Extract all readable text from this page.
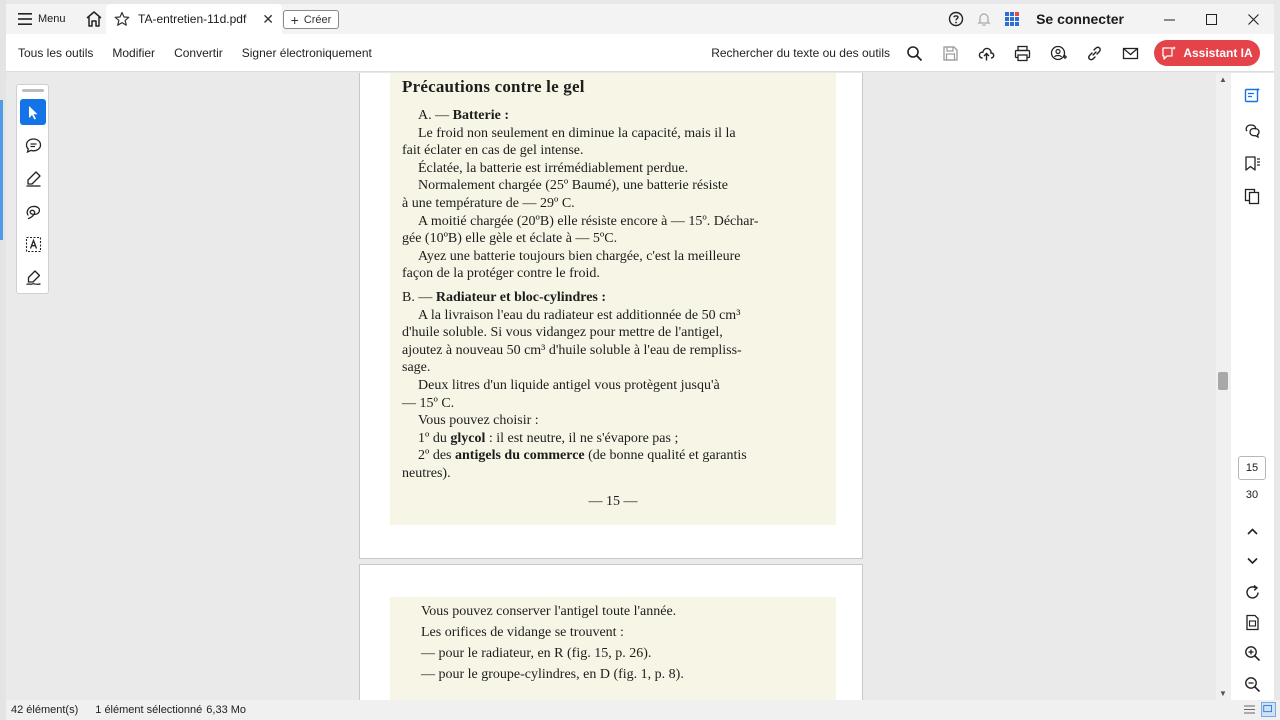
Menu	TA-entretien-11d.pdf	✕ + Créer	Se connecter
Tous les outils Modifier Convertir Signer électroniquement	Rechercher du texte ou des outils	Assistant IA
Précautions contre le gel
A. — Batterie :
Le froid non seulement en diminue la capacité, mais il la
fait éclater en cas de gel intense.
Éclatée, la batterie est irrémédiablement perdue.
Normalement chargée (25º Baumé), une batterie résiste
à une température de — 29º C.
A moitié chargée (20ºB) elle résiste encore à — 15º. Déchar-
gée (10ºB) elle gèle et éclate à — 5ºC.
Ayez une batterie toujours bien chargée, c'est la meilleure
façon de la protéger contre le froid.
B. — Radiateur et bloc-cylindres :
A la livraison l'eau du radiateur est additionnée de 50 cm³
d'huile soluble. Si vous vidangez pour mettre de l'antigel,
ajoutez à nouveau 50 cm³ d'huile soluble à l'eau de rempliss-
sage.
Deux litres d'un liquide antigel vous protègent jusqu'à
— 15º C.
Vous pouvez choisir :
1º du glycol : il est neutre, il ne s'évapore pas ;
2º des antigels du commerce (de bonne qualité et garantis
neutres).
— 15 —
Vous pouvez conserver l'antigel toute l'année.
Les orifices de vidange se trouvent :
— pour le radiateur, en R (fig. 15, p. 26).
— pour le groupe-cylindres, en D (fig. 1, p. 8).
▲
▼
15
30
42 élément(s) 1 élément sélectionné 6,33 Mo
